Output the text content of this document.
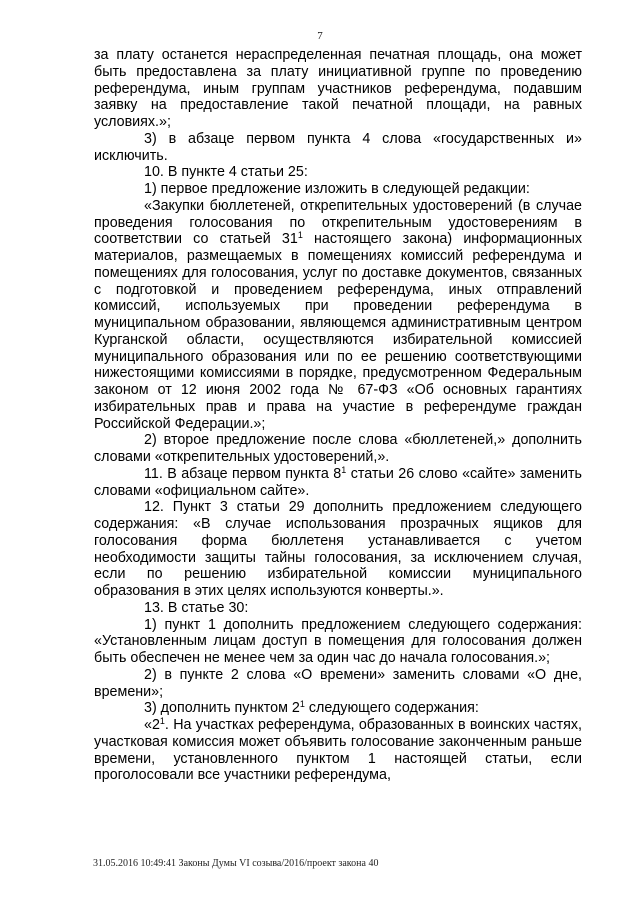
7

за плату останется нераспределенная печатная площадь, она может быть предоставлена за плату инициативной группе по проведению референдума, иным группам участников референдума, подавшим заявку на предоставление такой печатной площади, на равных условиях.»;

3) в абзаце первом пункта 4 слова «государственных и» исключить.

10. В пункте 4 статьи 25:

1) первое предложение изложить в следующей редакции:

«Закупки бюллетеней, открепительных удостоверений (в случае проведения голосования по открепительным удостоверениям в соответствии со статьей $31^1$ настоящего закона) информационных материалов, размещаемых в помещениях комиссий референдума и помещениях для голосования, услуг по доставке документов, связанных с подготовкой и проведением референдума, иных отправлений комиссий, используемых при проведении референдума в муниципальном образовании, являющемся административным центром Курганской области, осуществляются избирательной комиссией муниципального образования или по ее решению соответствующими нижестоящими комиссиями в порядке, предусмотренном Федеральным законом от 12 июня 2002 года № 67-ФЗ «Об основных гарантиях избирательных прав и права на участие в референдуме граждан Российской Федерации.»;

2) второе предложение после слова «бюллетеней,» дополнить словами «открепительных удостоверений,».

11. В абзаце первом пункта $8^1$ статьи 26 слово «сайте» заменить словами «официальном сайте».

12. Пункт 3 статьи 29 дополнить предложением следующего содержания: «В случае использования прозрачных ящиков для голосования форма бюллетеня устанавливается с учетом необходимости защиты тайны голосования, за исключением случая, если по решению избирательной комиссии муниципального образования в этих целях используются конверты.».

13. В статье 30:

1) пункт 1 дополнить предложением следующего содержания: «Установленным лицам доступ в помещения для голосования должен быть обеспечен не менее чем за один час до начала голосования.»;

2) в пункте 2 слова «О времени» заменить словами «О дне, времени»;

3) дополнить пунктом $2^1$ следующего содержания:

«$2^1$. На участках референдума, образованных в воинских частях, участковая комиссия может объявить голосование законченным раньше времени, установленного пунктом 1 настоящей статьи, если проголосовали все участники референдума,

31.05.2016 10:49:41 Законы Думы VI созыва/2016/проект закона 40
